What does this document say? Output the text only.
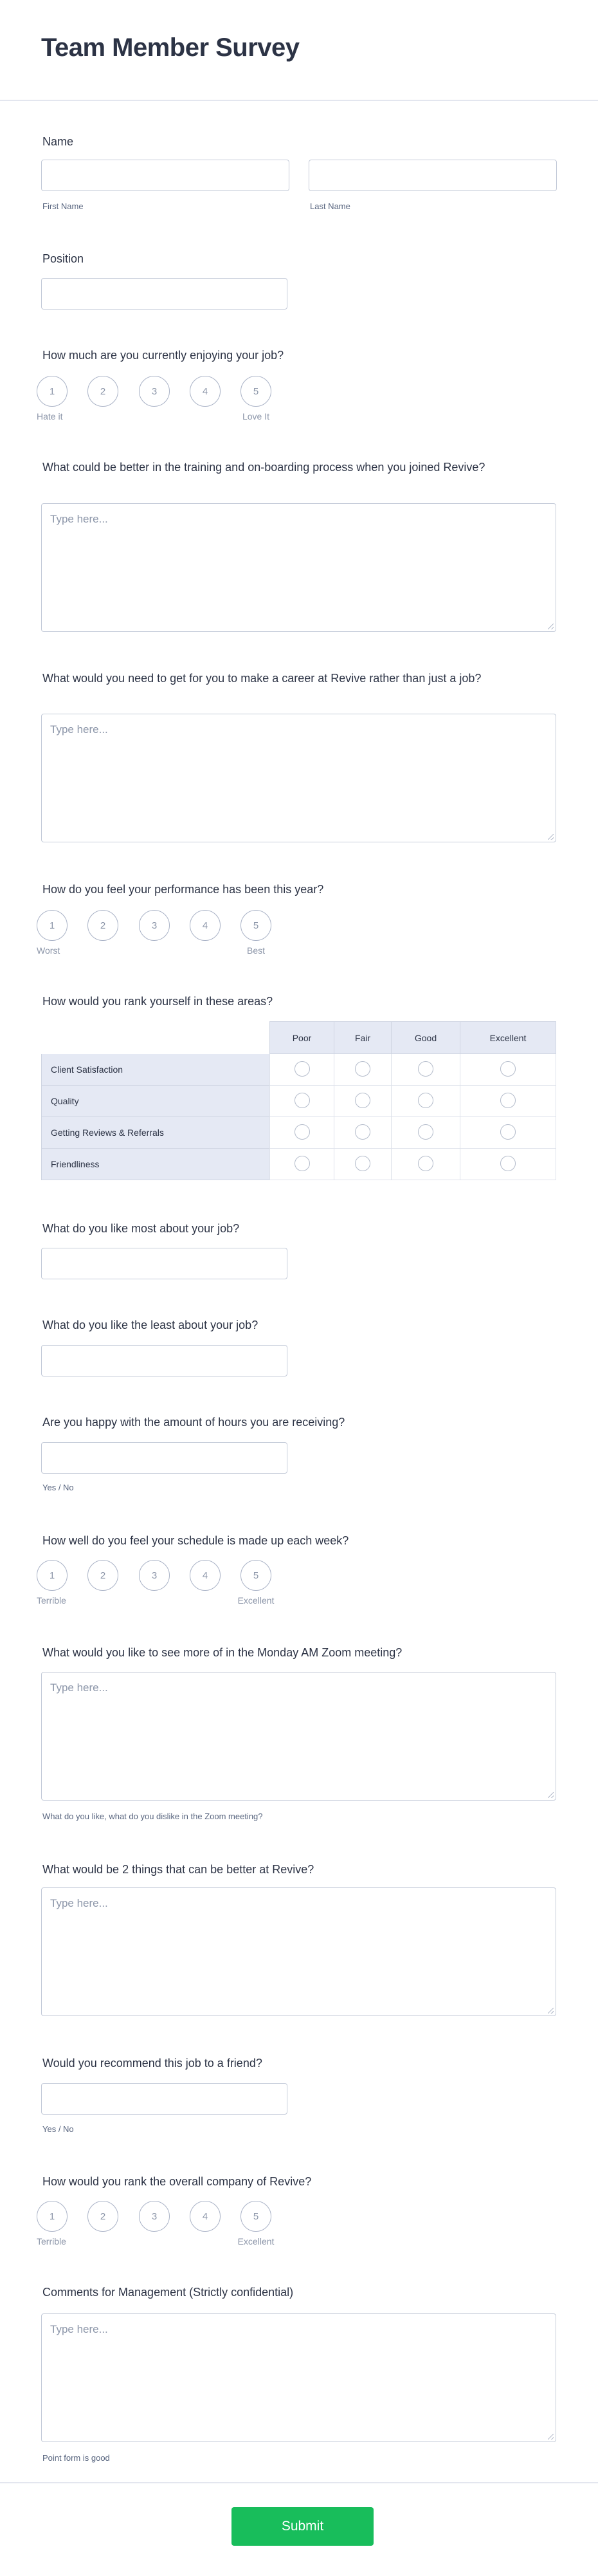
Team Member Survey
Name
First Name	Last Name
Position
How much are you currently enjoying your job?
1	2	3	4	5
Hate it	Love It
What could be better in the training and on-boarding process when you joined Revive?
Type here...
What would you need to get for you to make a career at Revive rather than just a job?
Type here...
How do you feel your performance has been this year?
1	2	3	4	5
Worst	Best
How would you rank yourself in these areas?
	Poor	Fair	Good	Excellent
Client Satisfaction				
Quality				
Getting Reviews & Referrals				
Friendliness				
What do you like most about your job?
What do you like the least about your job?
Are you happy with the amount of hours you are receiving?
Yes / No
How well do you feel your schedule is made up each week?
1	2	3	4	5
Terrible	Excellent
What would you like to see more of in the Monday AM Zoom meeting?
Type here...
What do you like, what do you dislike in the Zoom meeting?
What would be 2 things that can be better at Revive?
Type here...
Would you recommend this job to a friend?
Yes / No
How would you rank the overall company of Revive?
1	2	3	4	5
Terrible	Excellent
Comments for Management (Strictly confidential)
Type here...
Point form is good
Submit
